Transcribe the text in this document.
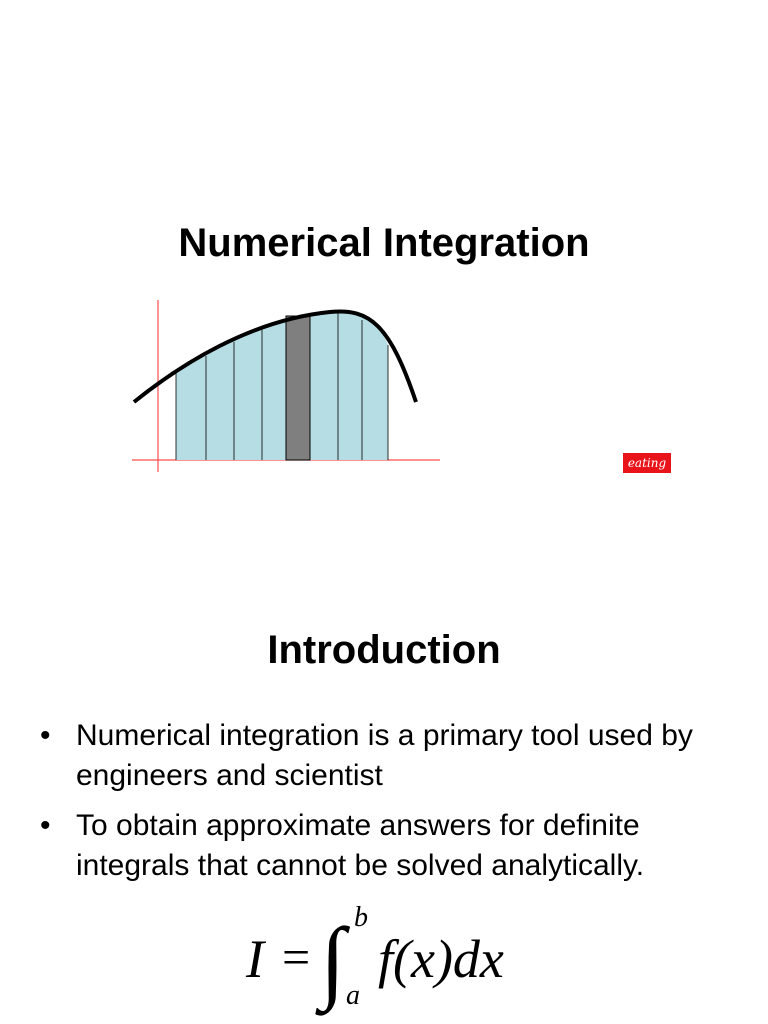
Numerical Integration
eating
Introduction
• Numerical integration is a primary tool used by engineers and scientist
• To obtain approximate answers for definite integrals that cannot be solved analytically.
I = ∫ b
a
f(x)dx
